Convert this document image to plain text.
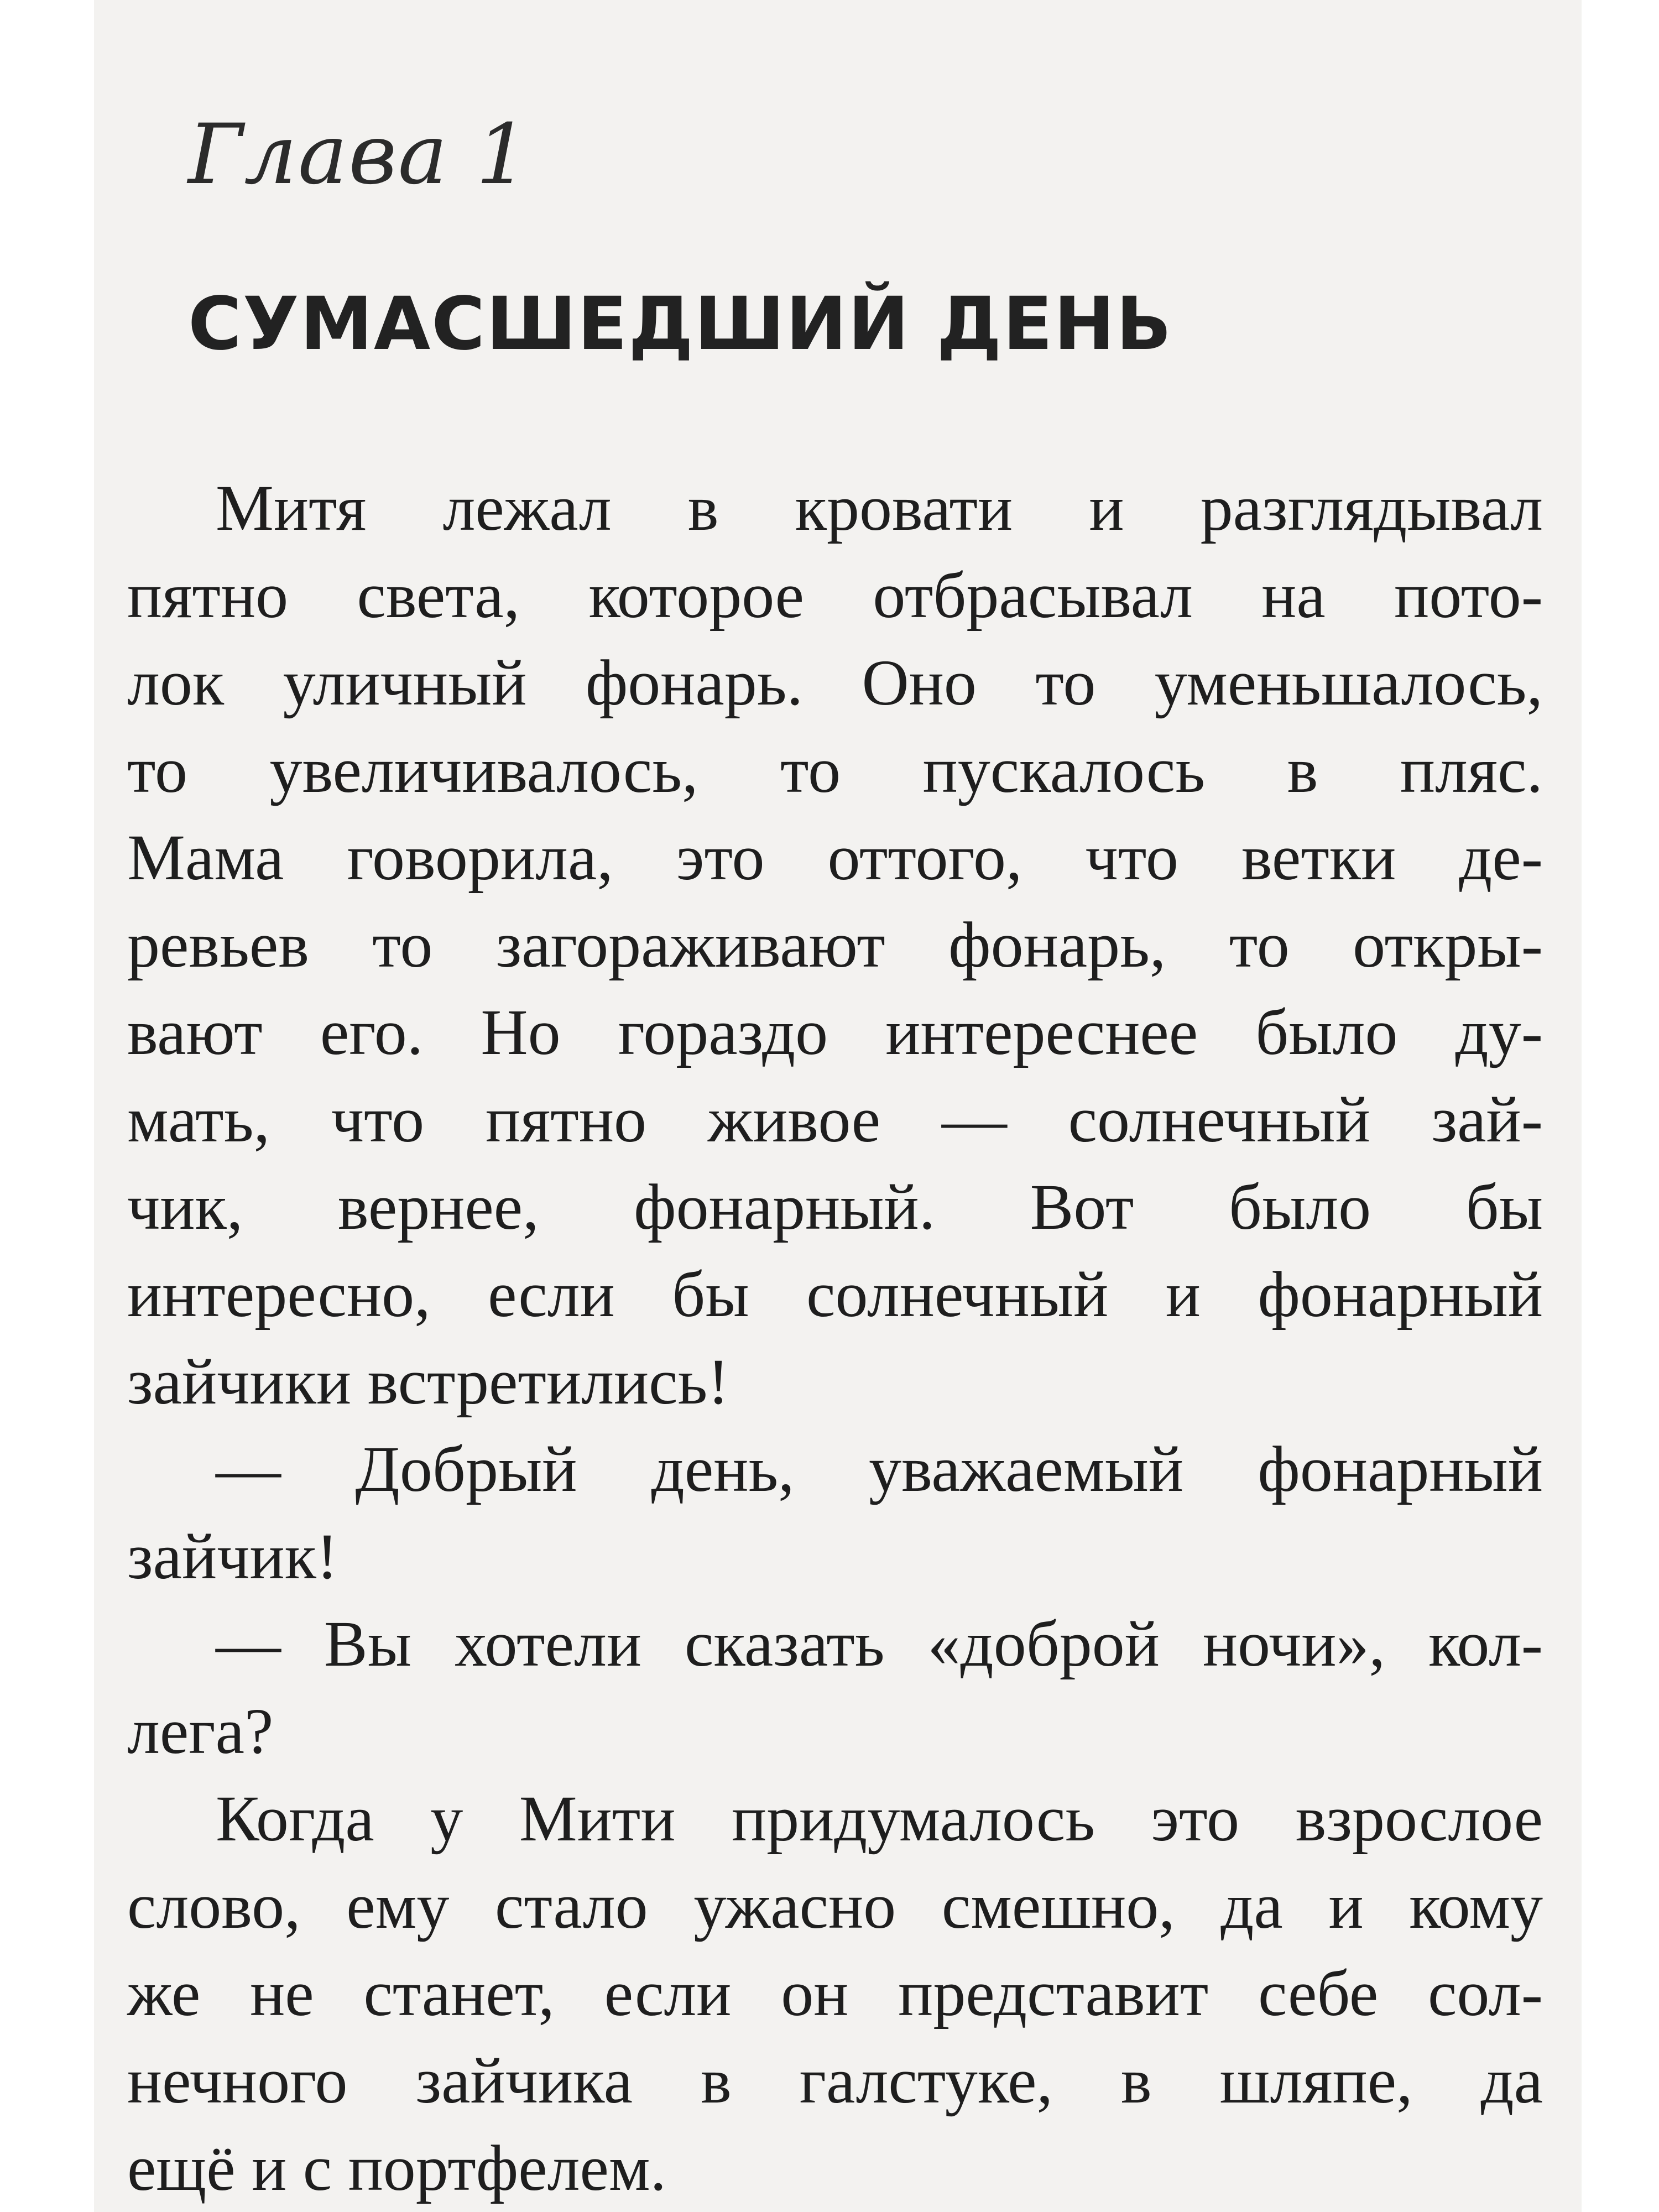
Глава 1
СУМАСШЕДШИЙ ДЕНЬ
Митя лежал в кровати и разглядывал
пятно света, которое отбрасывал на пото-
лок уличный фонарь. Оно то уменьшалось,
то увеличивалось, то пускалось в пляс.
Мама говорила, это оттого, что ветки де-
ревьев то загораживают фонарь, то откры-
вают его. Но гораздо интереснее было ду-
мать, что пятно живое — солнечный зай-
чик, вернее, фонарный. Вот было бы
интересно, если бы солнечный и фонарный
зайчики встретились!
— Добрый день, уважаемый фонарный
зайчик!
— Вы хотели сказать «доброй ночи», кол-
лега?
Когда у Мити придумалось это взрослое
слово, ему стало ужасно смешно, да и кому
же не станет, если он представит себе сол-
нечного зайчика в галстуке, в шляпе, да
ещё и с портфелем.
